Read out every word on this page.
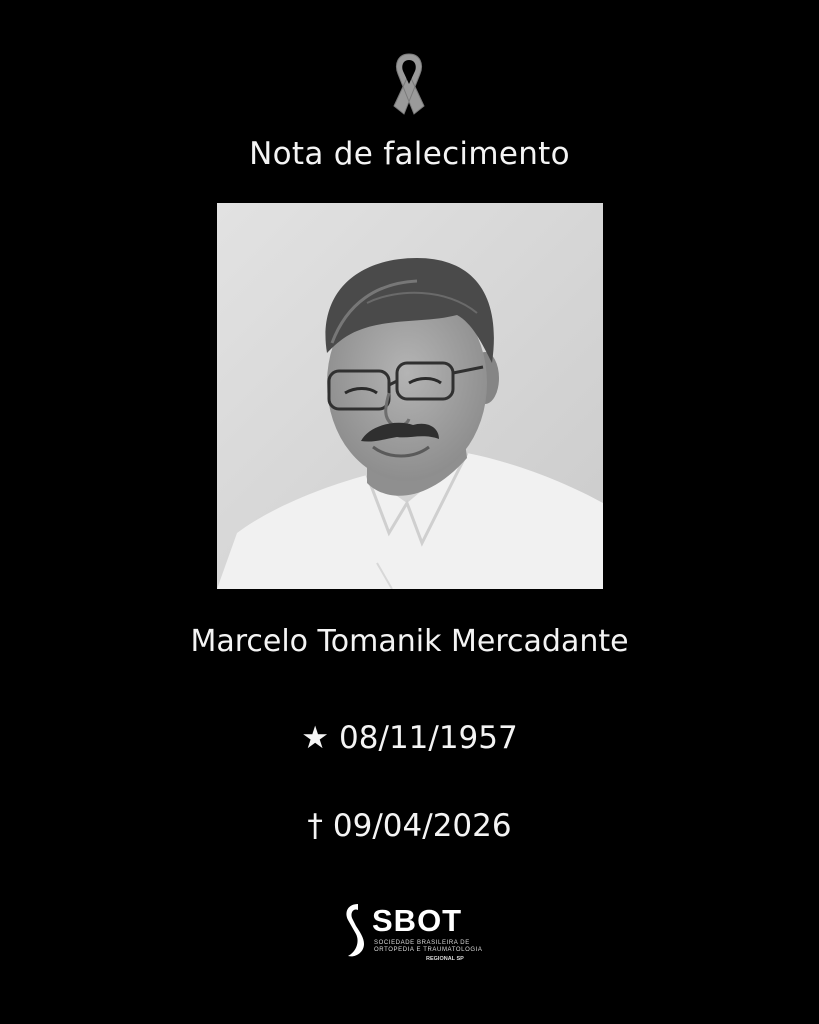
Nota de falecimento
Marcelo Tomanik Mercadante
★ 08/11/1957
† 09/04/2026
SBOT
SOCIEDADE BRASILEIRA DE
ORTOPEDIA E TRAUMATOLOGIA
REGIONAL SP
